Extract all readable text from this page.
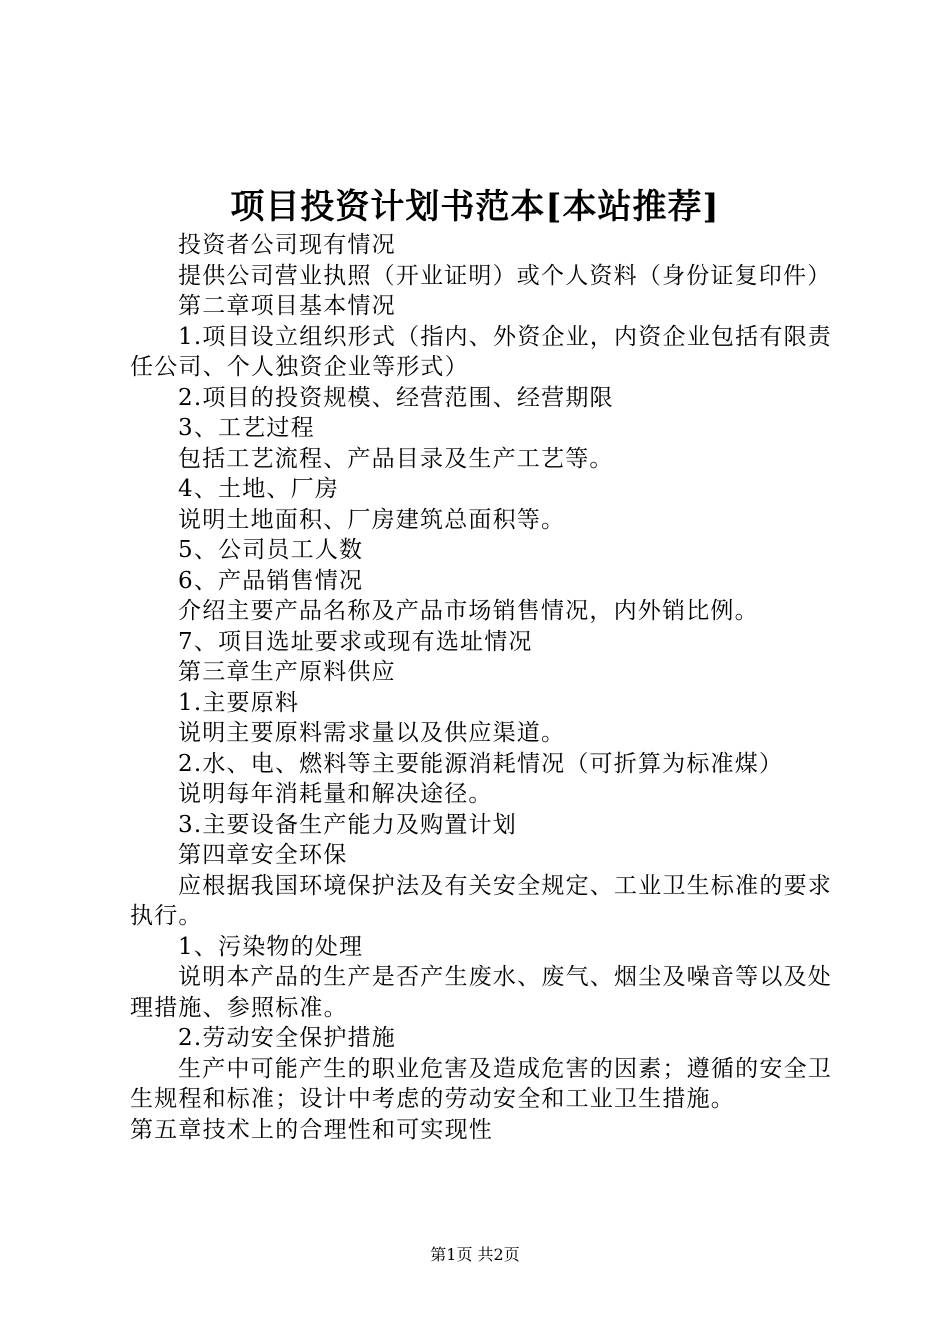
项目投资计划书范本[本站推荐]

投资者公司现有情况

提供公司营业执照（开业证明）或个人资料（身份证复印件）

第二章项目基本情况

1.项目设立组织形式（指内、外资企业，内资企业包括有限责任公司、个人独资企业等形式）

2.项目的投资规模、经营范围、经营期限

3、工艺过程

包括工艺流程、产品目录及生产工艺等。

4、土地、厂房

说明土地面积、厂房建筑总面积等。

5、公司员工人数

6、产品销售情况

介绍主要产品名称及产品市场销售情况，内外销比例。

7、项目选址要求或现有选址情况

第三章生产原料供应

1.主要原料

说明主要原料需求量以及供应渠道。

2.水、电、燃料等主要能源消耗情况（可折算为标准煤）

说明每年消耗量和解决途径。

3.主要设备生产能力及购置计划

第四章安全环保

应根据我国环境保护法及有关安全规定、工业卫生标准的要求执行。

1、污染物的处理

说明本产品的生产是否产生废水、废气、烟尘及噪音等以及处理措施、参照标准。

2.劳动安全保护措施

生产中可能产生的职业危害及造成危害的因素；遵循的安全卫生规程和标准；设计中考虑的劳动安全和工业卫生措施。

第五章技术上的合理性和可实现性

第1页 共2页
